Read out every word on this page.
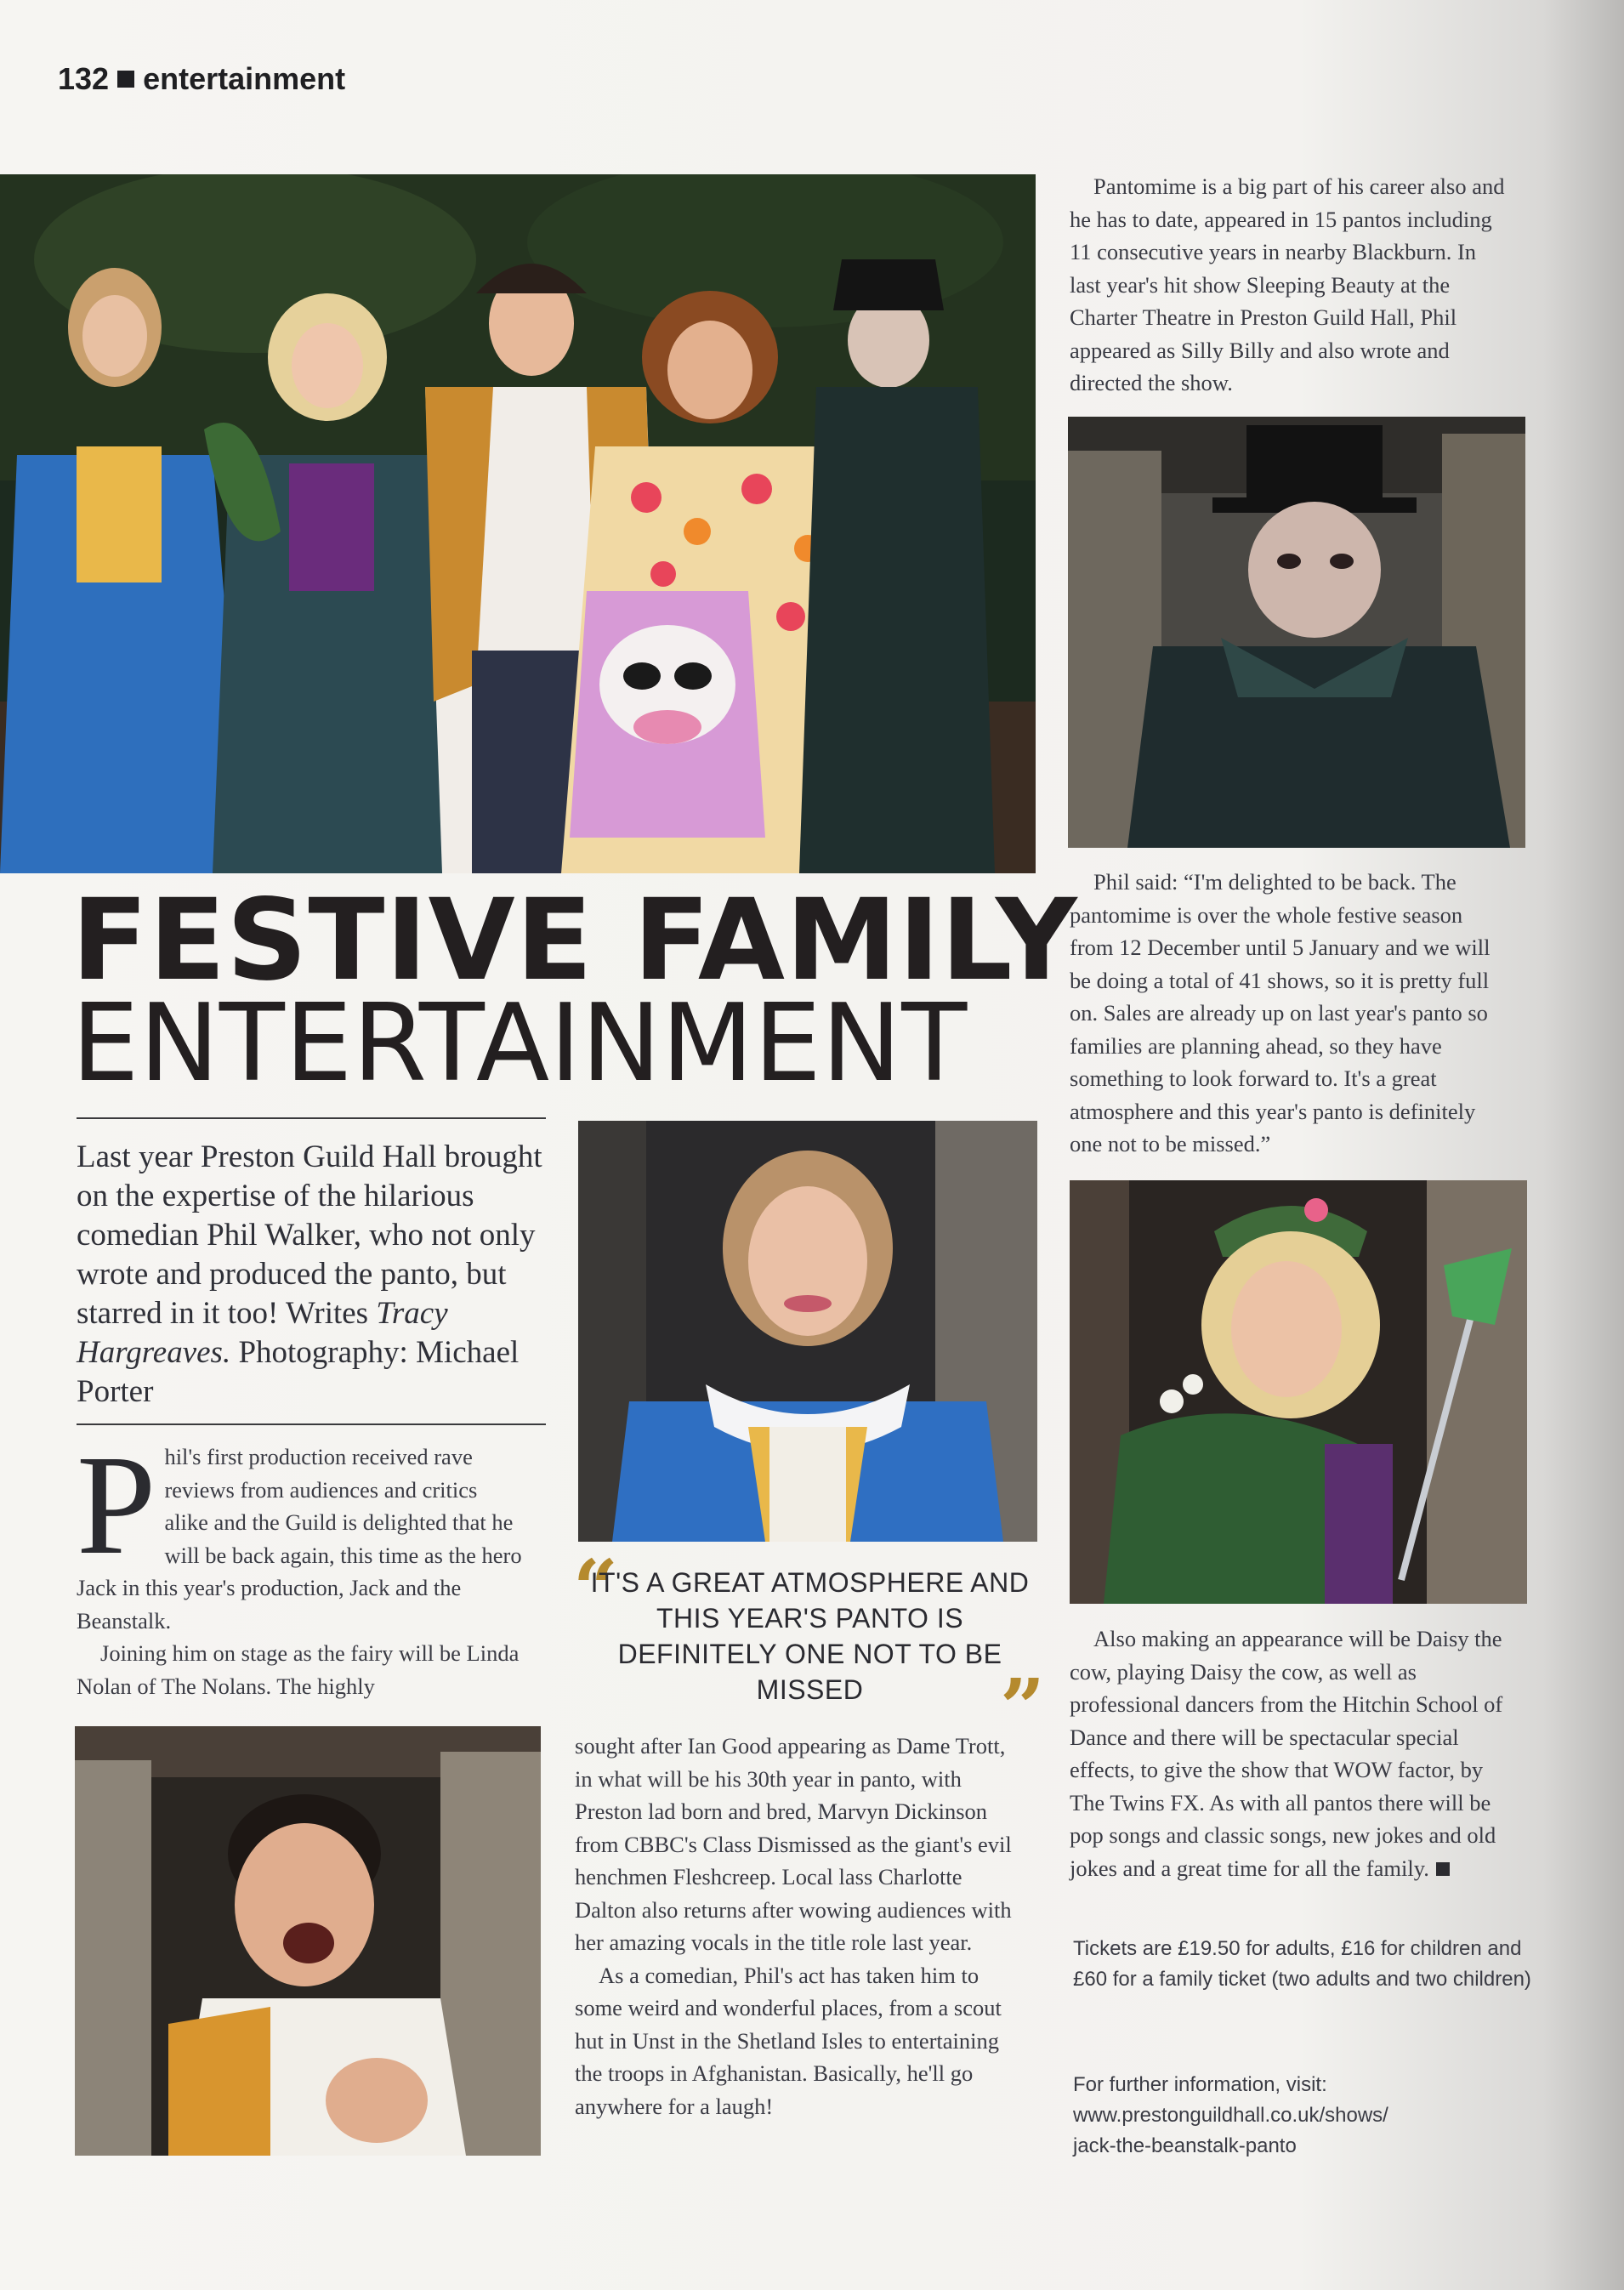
132 entertainment
FESTIVE FAMILY
ENTERTAINMENT
Last year Preston Guild Hall brought on the expertise of the hilarious comedian Phil Walker, who not only wrote and produced the panto, but starred in it too! Writes Tracy Hargreaves. Photography: Michael Porter

Phil's first production received rave reviews from audiences and critics alike and the Guild is delighted that he will be back again, this time as the hero Jack in this year's production, Jack and the Beanstalk.

Joining him on stage as the fairy will be Linda Nolan of The Nolans. The highly

“
IT'S A GREAT ATMOSPHERE AND THIS YEAR'S PANTO IS DEFINITELY ONE NOT TO BE MISSED	”

sought after Ian Good appearing as Dame Trott, in what will be his 30th year in panto, with Preston lad born and bred, Marvyn Dickinson from CBBC's Class Dismissed as the giant's evil henchmen Fleshcreep. Local lass Charlotte Dalton also returns after wowing audiences with her amazing vocals in the title role last year.

As a comedian, Phil's act has taken him to some weird and wonderful places, from a scout hut in Unst in the Shetland Isles to entertaining the troops in Afghanistan. Basically, he'll go anywhere for a laugh!

Pantomime is a big part of his career also and he has to date, appeared in 15 pantos including 11 consecutive years in nearby Blackburn. In last year's hit show Sleeping Beauty at the Charter Theatre in Preston Guild Hall, Phil appeared as Silly Billy and also wrote and directed the show.

Phil said: “I'm delighted to be back. The pantomime is over the whole festive season from 12 December until 5 January and we will be doing a total of 41 shows, so it is pretty full on. Sales are already up on last year's panto so families are planning ahead, so they have something to look forward to. It's a great atmosphere and this year's panto is definitely one not to be missed.”

Also making an appearance will be Daisy the cow, playing Daisy the cow, as well as professional dancers from the Hitchin School of Dance and there will be spectacular special effects, to give the show that WOW factor, by The Twins FX. As with all pantos there will be pop songs and classic songs, new jokes and old jokes and a great time for all the family.

Tickets are £19.50 for adults, £16 for children and £60 for a family ticket (two adults and two children)
For further information, visit:
www.prestonguildhall.co.uk/shows/
jack-the-beanstalk-panto
